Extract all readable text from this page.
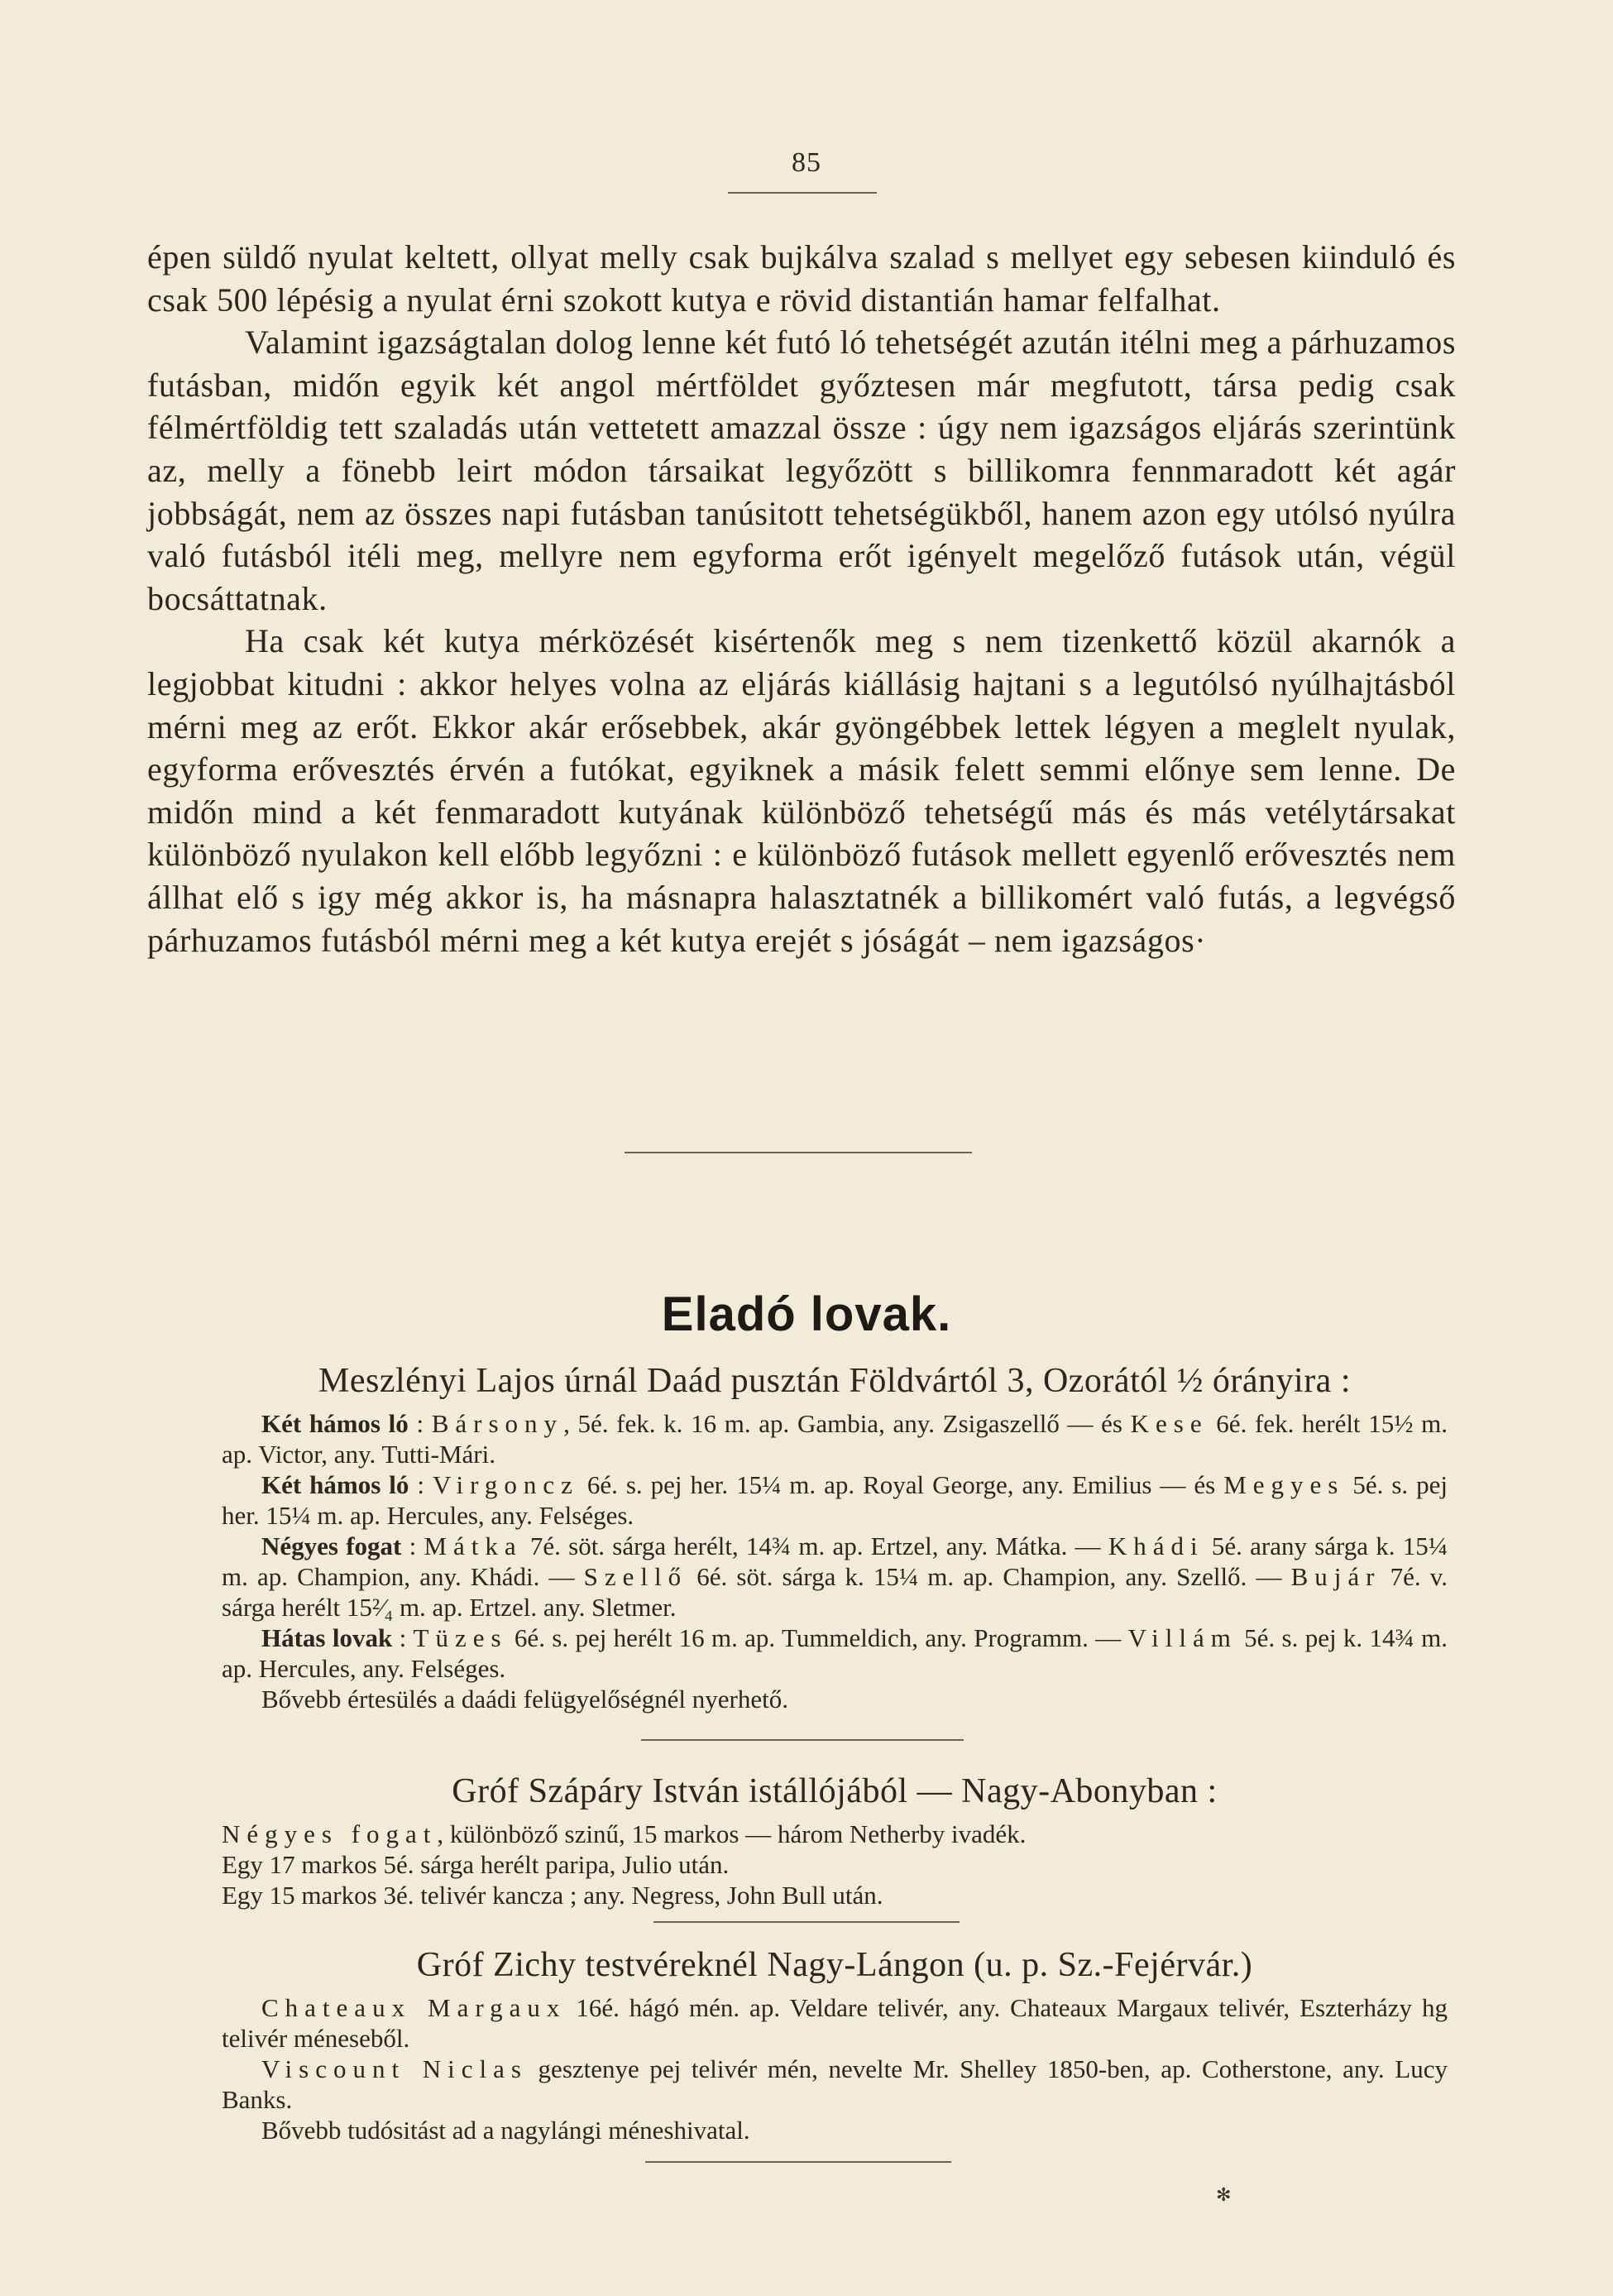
85

épen süldő nyulat keltett, ollyat melly csak bujkálva szalad s mellyet egy sebesen kiinduló és csak 500 lépésig a nyulat érni szokott kutya e rövid distantián hamar felfalhat.

Valamint igazságtalan dolog lenne két futó ló tehetségét azután itélni meg a párhuzamos futásban, midőn egyik két angol mértföldet győztesen már megfutott, társa pedig csak félmértföldig tett szaladás után vettetett amazzal össze : úgy nem igazságos eljárás szerintünk az, melly a fönebb leirt módon társaikat legyőzött s billikomra fennmaradott két agár jobbságát, nem az összes napi futásban tanúsitott tehetségükből, hanem azon egy utólsó nyúlra való futásból itéli meg, mellyre nem egyforma erőt igényelt megelőző futások után, végül bocsáttatnak.

Ha csak két kutya mérközését kisértenők meg s nem tizenkettő közül akarnók a legjobbat kitudni : akkor helyes volna az eljárás kiállásig hajtani s a legutólsó nyúlhajtásból mérni meg az erőt. Ekkor akár erősebbek, akár gyöngébbek lettek légyen a meglelt nyulak, egyforma erővesztés érvén a futókat, egyiknek a másik felett semmi előnye sem lenne. De midőn mind a két fenmaradott kutyának különböző tehetségű más és más vetélytársakat különböző nyulakon kell előbb legyőzni : e különböző futások mellett egyenlő erővesztés nem állhat elő s igy még akkor is, ha másnapra halasztatnék a billikomért való futás, a legvégső párhuzamos futásból mérni meg a két kutya erejét s jóságát – nem igazságos·

Eladó lovak.
Meszlényi Lajos úrnál Daád pusztán Földvártól 3, Ozorától ½ órányira :

Két hámos ló : Bársony, 5é. fek. k. 16 m. ap. Gambia, any. Zsigaszellő — és Kese 6é. fek. herélt 15½ m. ap. Victor, any. Tutti-Mári.

Két hámos ló : Virgoncz 6é. s. pej her. 15¼ m. ap. Royal George, any. Emilius — és Megyes 5é. s. pej her. 15¼ m. ap. Hercules, any. Felséges.

Négyes fogat : Mátka 7é. söt. sárga herélt, 14¾ m. ap. Ertzel, any. Mátka. — Khádi 5é. arany sárga k. 15¼ m. ap. Champion, any. Khádi. — Szellő 6é. söt. sárga k. 15¼ m. ap. Champion, any. Szellő. — Bujár 7é. v. sárga herélt 15²⁄₄ m. ap. Ertzel. any. Sletmer.

Hátas lovak : Tüzes 6é. s. pej herélt 16 m. ap. Tummeldich, any. Programm. — Villám 5é. s. pej k. 14¾ m. ap. Hercules, any. Felséges.

Bővebb értesülés a daádi felügyelőségnél nyerhető.

Gróf Szápáry István istállójából — Nagy-Abonyban :

Négyes fogat, különböző szinű, 15 markos — három Netherby ivadék.

Egy 17 markos 5é. sárga herélt paripa, Julio után.

Egy 15 markos 3é. telivér kancza ; any. Negress, John Bull után.

Gróf Zichy testvéreknél Nagy-Lángon (u. p. Sz.-Fejérvár.)

Chateaux Margaux 16é. hágó mén. ap. Veldare telivér, any. Chateaux Margaux telivér, Eszterházy hg telivér méneseből.

Viscount Niclas gesztenye pej telivér mén, nevelte Mr. Shelley 1850-ben, ap. Cotherstone, any. Lucy Banks.

Bővebb tudósitást ad a nagylángi méneshivatal.

✻
